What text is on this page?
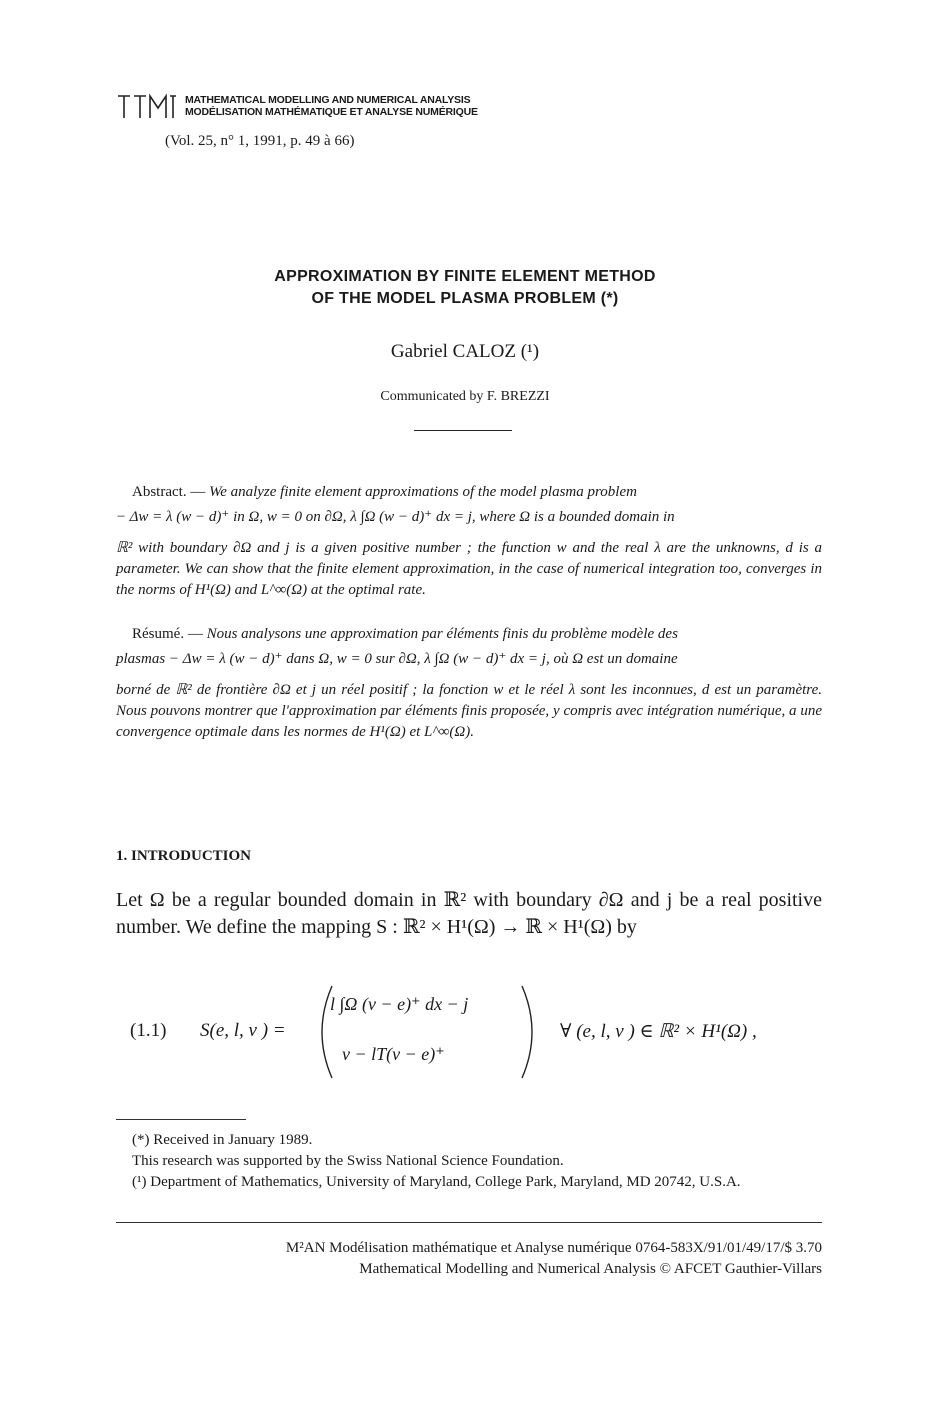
MATHEMATICAL MODELLING AND NUMERICAL ANALYSIS
MODÉLISATION MATHÉMATIQUE ET ANALYSE NUMÉRIQUE
(Vol. 25, n° 1, 1991, p. 49 à 66)
APPROXIMATION BY FINITE ELEMENT METHOD
OF THE MODEL PLASMA PROBLEM (*)
Gabriel CALOZ (¹)
Communicated by F. BREZZI
Abstract. — We analyze finite element approximations of the model plasma problem
− Δw = λ (w − d)⁺ in Ω, w = 0 on ∂Ω, λ ∫Ω (w − d)⁺ dx = j, where Ω is a bounded domain in
ℝ² with boundary ∂Ω and j is a given positive number ; the function w and the real λ are the unknowns, d is a parameter. We can show that the finite element approximation, in the case of numerical integration too, converges in the norms of H¹(Ω) and L^∞(Ω) at the optimal rate.
Résumé. — Nous analysons une approximation par éléments finis du problème modèle des
plasmas − Δw = λ (w − d)⁺ dans Ω, w = 0 sur ∂Ω, λ ∫Ω (w − d)⁺ dx = j, où Ω est un domaine
borné de ℝ² de frontière ∂Ω et j un réel positif ; la fonction w et le réel λ sont les inconnues, d est un paramètre. Nous pouvons montrer que l'approximation par éléments finis proposée, y compris avec intégration numérique, a une convergence optimale dans les normes de H¹(Ω) et L^∞(Ω).
1. INTRODUCTION
Let Ω be a regular bounded domain in ℝ² with boundary ∂Ω and j be a real positive number. We define the mapping S : ℝ² × H¹(Ω) → ℝ × H¹(Ω) by
(1.1) S(e, l, v ) =
l ∫Ω (v − e)⁺ dx − j
v − lT(v − e)⁺
∀ (e, l, v ) ∈ ℝ² × H¹(Ω) ,
(*) Received in January 1989.
This research was supported by the Swiss National Science Foundation.
(¹) Department of Mathematics, University of Maryland, College Park, Maryland, MD 20742, U.S.A.
M²AN Modélisation mathématique et Analyse numérique 0764-583X/91/01/49/17/$ 3.70
Mathematical Modelling and Numerical Analysis © AFCET Gauthier-Villars
